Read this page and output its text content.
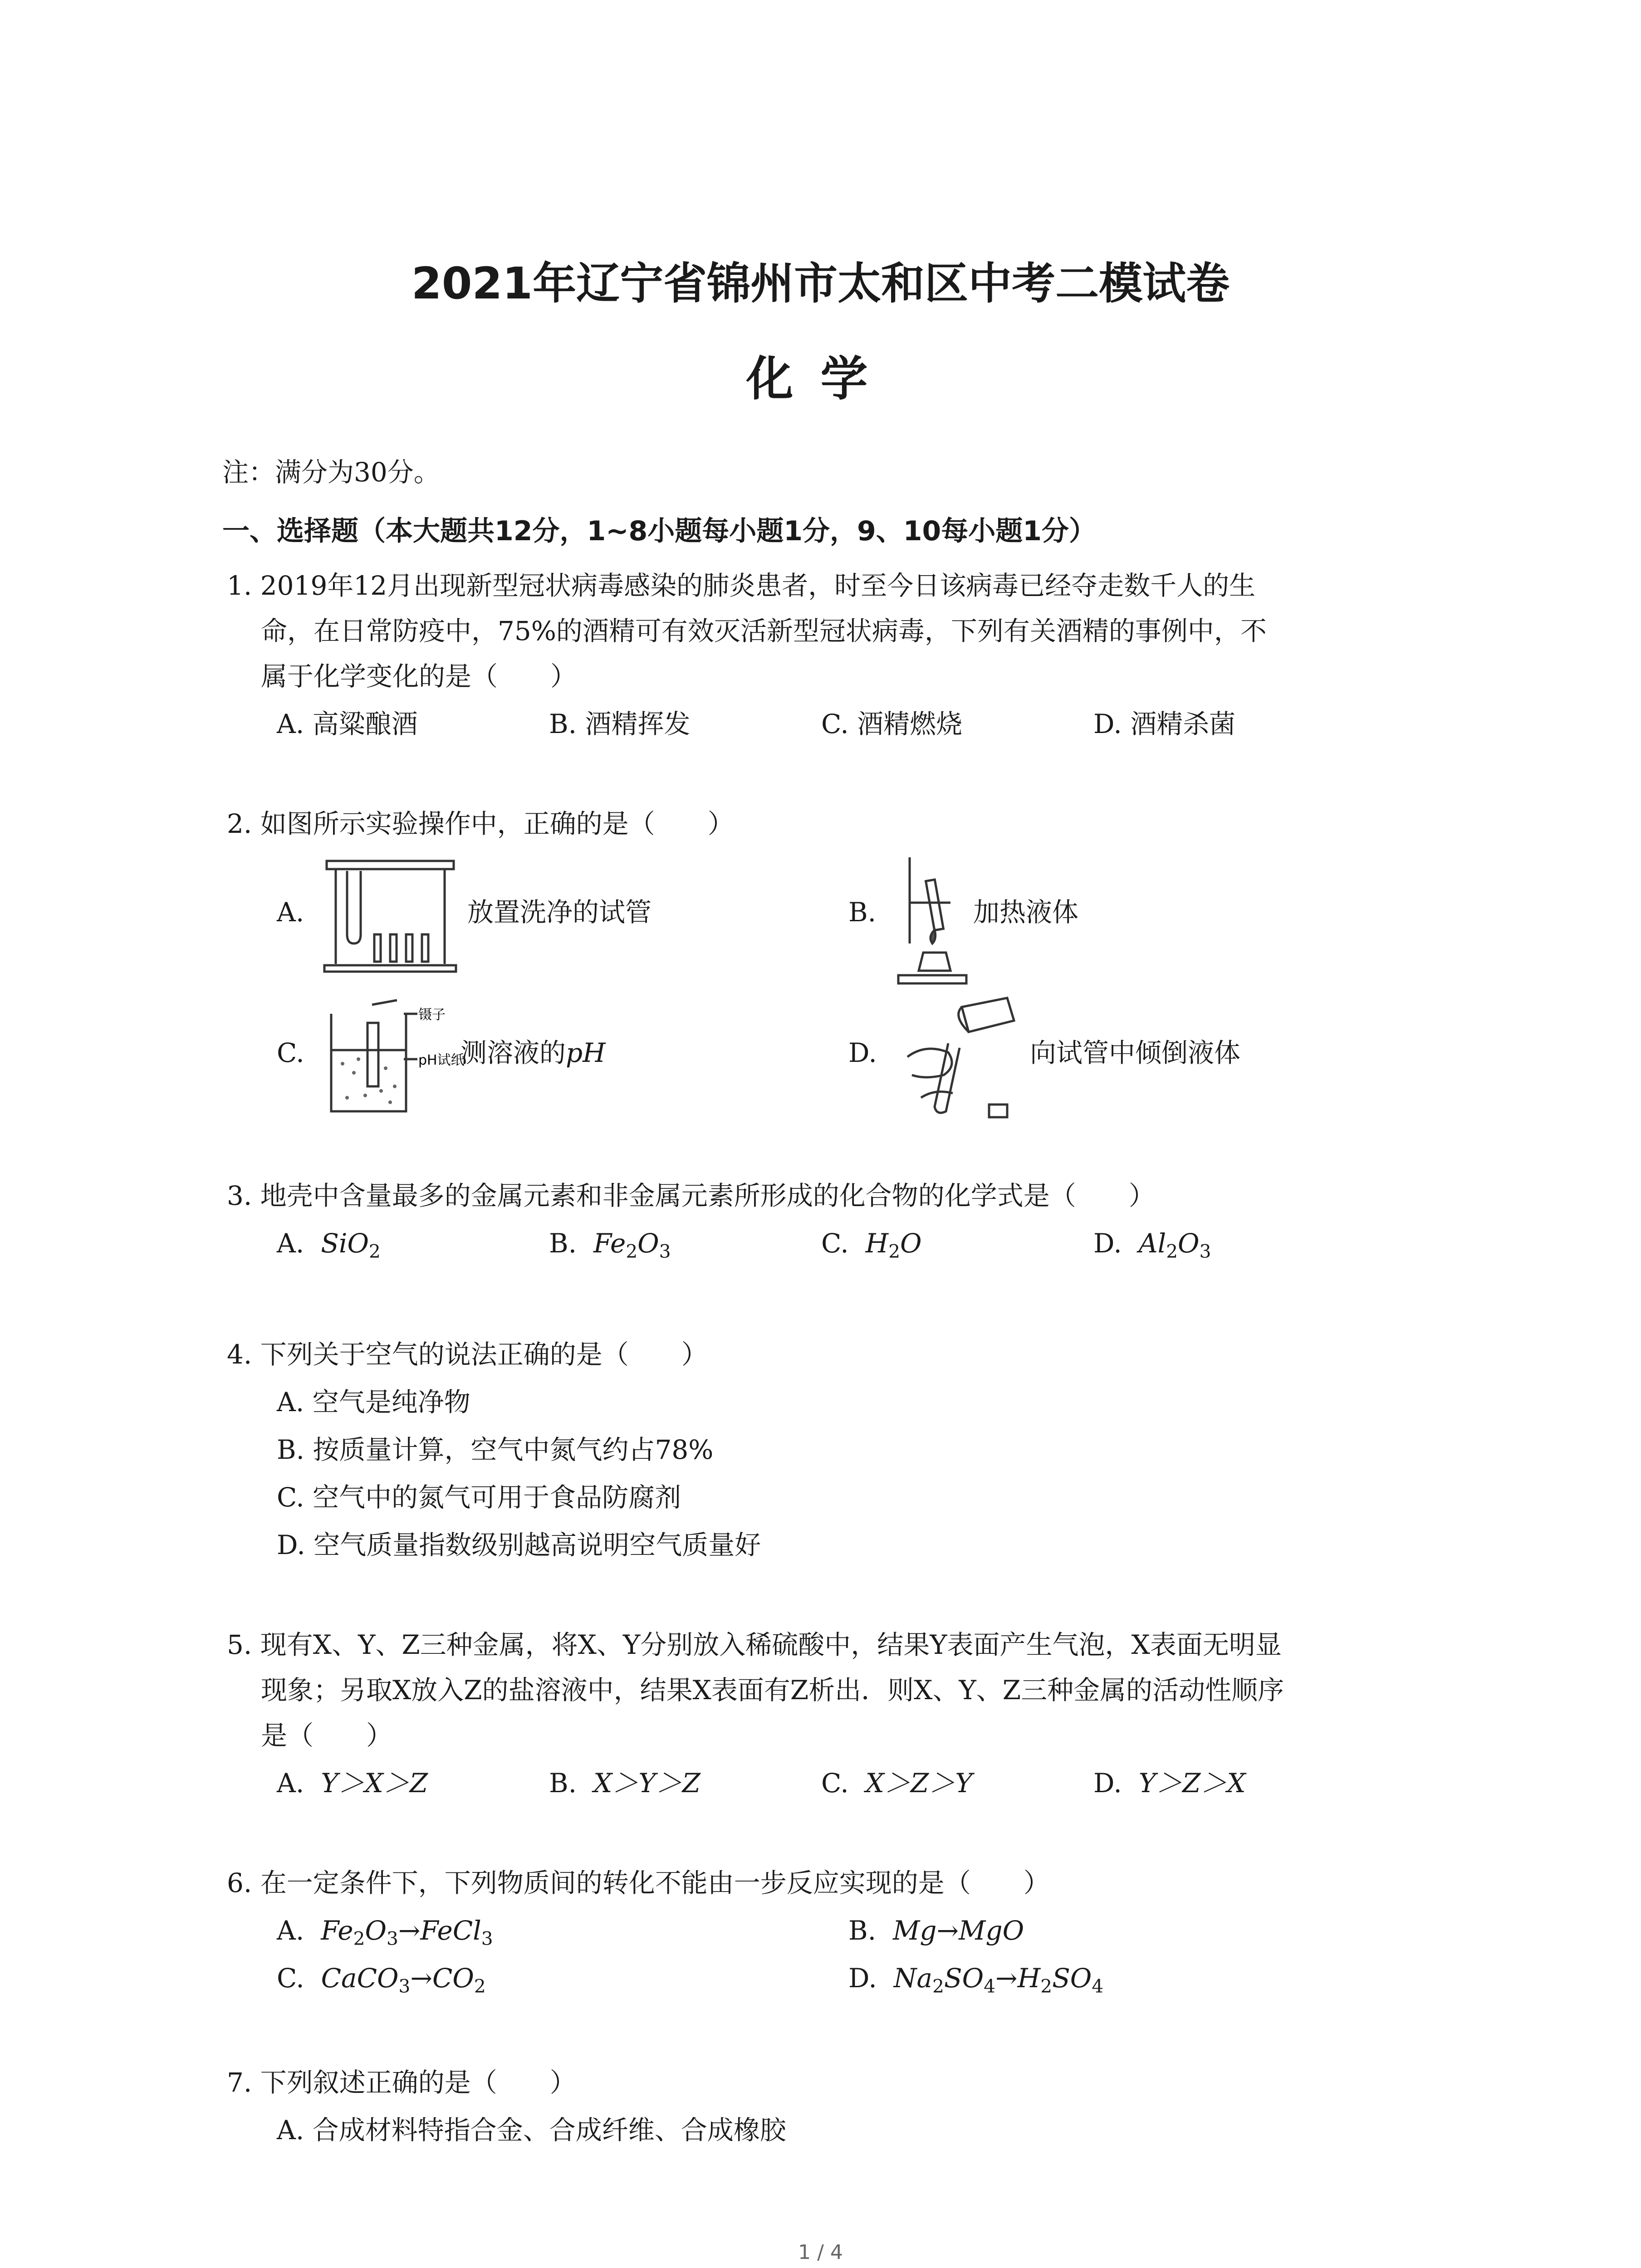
2021年辽宁省锦州市太和区中考二模试卷
化学
注：满分为30分。
一、选择题（本大题共12分，1~8小题每小题1分，9、10每小题1分）
1. 2019年12月出现新型冠状病毒感染的肺炎患者，时至今日该病毒已经夺走数千人的生
命，在日常防疫中，75%的酒精可有效灭活新型冠状病毒，下列有关酒精的事例中，不
属于化学变化的是（　　）
A. 高粱酿酒	B. 酒精挥发	C. 酒精燃烧	D. 酒精杀菌
2. 如图所示实验操作中，正确的是（　　）
A.	放置洗净的试管	B.	加热液体
C.
镊子
pH试纸
测溶液的pH	D.	向试管中倾倒液体
3. 地壳中含量最多的金属元素和非金属元素所形成的化合物的化学式是（　　）
A. SiO$_2$	B. $Fe_2O_3$	C. $H_2O$	D. $Al_2O_3$
4. 下列关于空气的说法正确的是（　　）
A. 空气是纯净物
B. 按质量计算，空气中氮气约占78%
C. 空气中的氮气可用于食品防腐剂
D. 空气质量指数级别越高说明空气质量好
5. 现有X、Y、Z三种金属，将X、Y分别放入稀硫酸中，结果Y表面产生气泡，X表面无明显
现象；另取X放入Z的盐溶液中，结果X表面有Z析出．则X、Y、Z三种金属的活动性顺序
是（　　）
A. Y＞X＞Z	B. X＞Y＞Z	C. X＞Z＞Y	D. Y＞Z＞X
6. 在一定条件下，下列物质间的转化不能由一步反应实现的是（　　）
A. $Fe_2O_3\to FeCl_3$	B. Mg→MgO
C. $CaCO_3\to CO_2$	D. $Na_2SO_4\to H_2SO_4$
7. 下列叙述正确的是（　　）
A. 合成材料特指合金、合成纤维、合成橡胶
1 / 4
